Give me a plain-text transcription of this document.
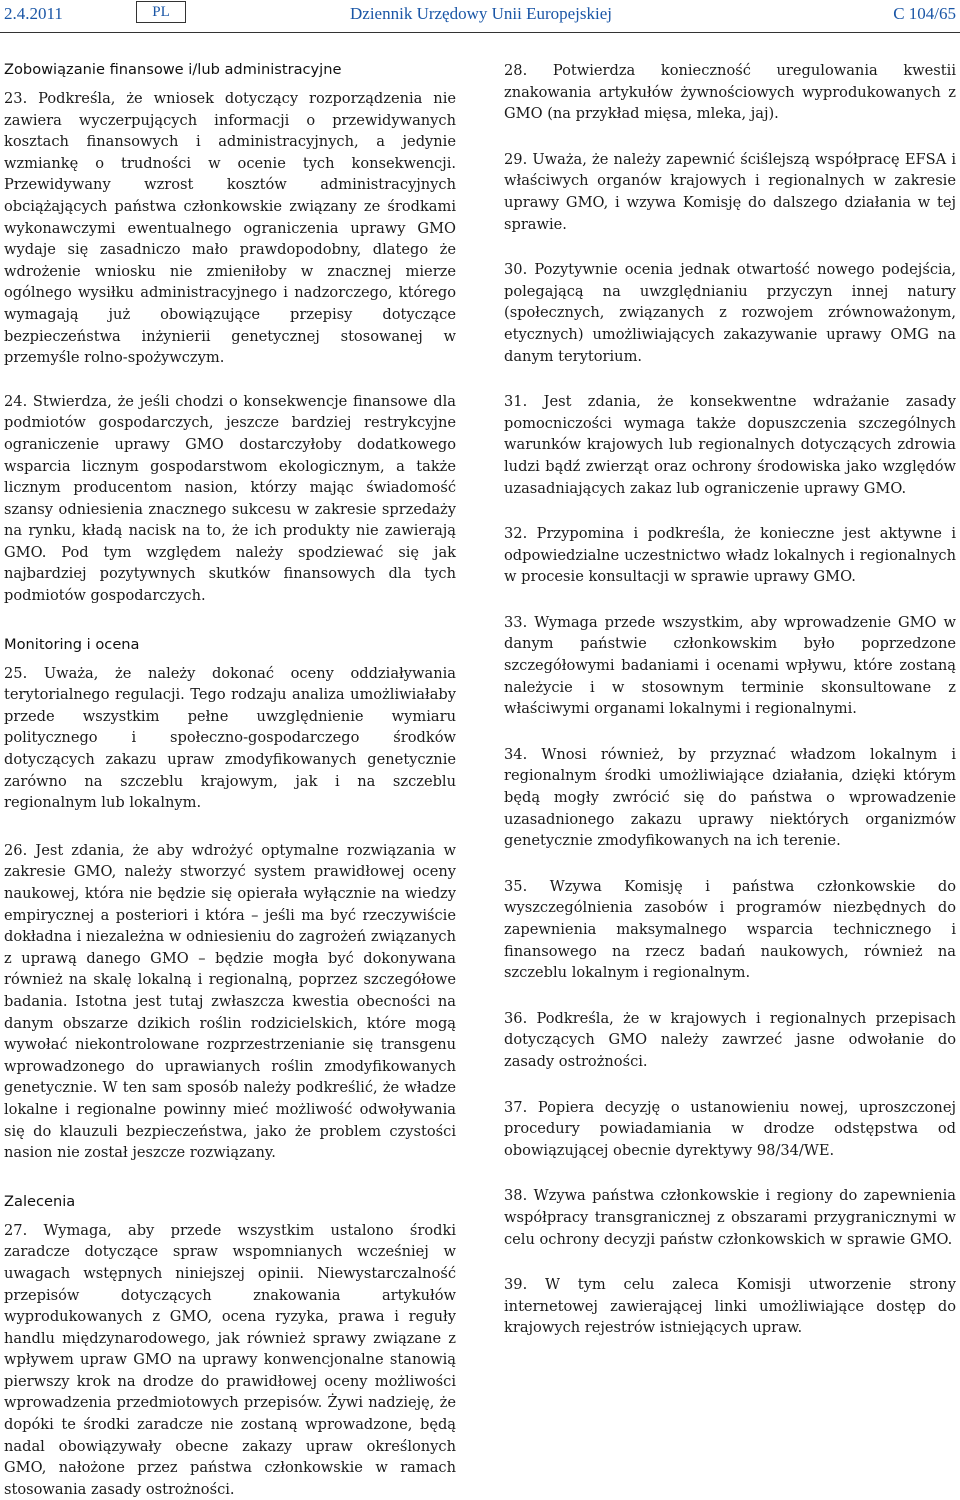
2.4.2011	PL	Dziennik Urzędowy Unii Europejskiej	C 104/65
Zobowiązanie finansowe i/lub administracyjne

23. Podkreśla, że wniosek dotyczący rozporządzenia nie zawiera wyczerpujących informacji o przewidywanych kosztach finansowych i administracyjnych, a jedynie wzmiankę o trudności w ocenie tych konsekwencji. Przewidywany wzrost kosztów administracyjnych obciążających państwa członkowskie związany ze środkami wykonawczymi ewentualnego ograniczenia uprawy GMO wydaje się zasadniczo mało prawdopodobny, dlatego że wdrożenie wniosku nie zmieniłoby w znacznej mierze ogólnego wysiłku administracyjnego i nadzorczego, którego wymagają już obowiązujące przepisy dotyczące bezpieczeństwa inżynierii genetycznej stosowanej w przemyśle rolno-spożywczym.

24. Stwierdza, że jeśli chodzi o konsekwencje finansowe dla podmiotów gospodarczych, jeszcze bardziej restrykcyjne ograniczenie uprawy GMO dostarczyłoby dodatkowego wsparcia licznym gospodarstwom ekologicznym, a także licznym producentom nasion, którzy mając świadomość szansy odniesienia znacznego sukcesu w zakresie sprzedaży na rynku, kładą nacisk na to, że ich produkty nie zawierają GMO. Pod tym względem należy spodziewać się jak najbardziej pozytywnych skutków finansowych dla tych podmiotów gospodarczych.

Monitoring i ocena

25. Uważa, że należy dokonać oceny oddziaływania terytorialnego regulacji. Tego rodzaju analiza umożliwiałaby przede wszystkim pełne uwzględnienie wymiaru politycznego i społeczno-gospodarczego środków dotyczących zakazu upraw zmodyfikowanych genetycznie zarówno na szczeblu krajowym, jak i na szczeblu regionalnym lub lokalnym.

26. Jest zdania, że aby wdrożyć optymalne rozwiązania w zakresie GMO, należy stworzyć system prawidłowej oceny naukowej, która nie będzie się opierała wyłącznie na wiedzy empirycznej a posteriori i która – jeśli ma być rzeczywiście dokładna i niezależna w odniesieniu do zagrożeń związanych z uprawą danego GMO – będzie mogła być dokonywana również na skalę lokalną i regionalną, poprzez szczegółowe badania. Istotna jest tutaj zwłaszcza kwestia obecności na danym obszarze dzikich roślin rodzicielskich, które mogą wywołać niekontrolowane rozprzestrzenianie się transgenu wprowadzonego do uprawianych roślin zmodyfikowanych genetycznie. W ten sam sposób należy podkreślić, że władze lokalne i regionalne powinny mieć możliwość odwoływania się do klauzuli bezpieczeństwa, jako że problem czystości nasion nie został jeszcze rozwiązany.

Zalecenia

27. Wymaga, aby przede wszystkim ustalono środki zaradcze dotyczące spraw wspomnianych wcześniej w uwagach wstępnych niniejszej opinii. Niewystarczalność przepisów dotyczących znakowania artykułów wyprodukowanych z GMO, ocena ryzyka, prawa i reguły handlu międzynarodowego, jak również sprawy związane z wpływem upraw GMO na uprawy konwencjonalne stanowią pierwszy krok na drodze do prawidłowej oceny możliwości wprowadzenia przedmiotowych przepisów. Żywi nadzieję, że dopóki te środki zaradcze nie zostaną wprowadzone, będą nadal obowiązywały obecne zakazy upraw określonych GMO, nałożone przez państwa członkowskie w ramach stosowania zasady ostrożności.

28. Potwierdza konieczność uregulowania kwestii znakowania artykułów żywnościowych wyprodukowanych z GMO (na przykład mięsa, mleka, jaj).

29. Uważa, że należy zapewnić ściślejszą współpracę EFSA i właściwych organów krajowych i regionalnych w zakresie uprawy GMO, i wzywa Komisję do dalszego działania w tej sprawie.

30. Pozytywnie ocenia jednak otwartość nowego podejścia, polegającą na uwzględnianiu przyczyn innej natury (społecznych, związanych z rozwojem zrównoważonym, etycznych) umożliwiających zakazywanie uprawy OMG na danym terytorium.

31. Jest zdania, że konsekwentne wdrażanie zasady pomocniczości wymaga także dopuszczenia szczególnych warunków krajowych lub regionalnych dotyczących zdrowia ludzi bądź zwierząt oraz ochrony środowiska jako względów uzasadniających zakaz lub ograniczenie uprawy GMO.

32. Przypomina i podkreśla, że konieczne jest aktywne i odpowiedzialne uczestnictwo władz lokalnych i regionalnych w procesie konsultacji w sprawie uprawy GMO.

33. Wymaga przede wszystkim, aby wprowadzenie GMO w danym państwie członkowskim było poprzedzone szczegółowymi badaniami i ocenami wpływu, które zostaną należycie i w stosownym terminie skonsultowane z właściwymi organami lokalnymi i regionalnymi.

34. Wnosi również, by przyznać władzom lokalnym i regionalnym środki umożliwiające działania, dzięki którym będą mogły zwrócić się do państwa o wprowadzenie uzasadnionego zakazu uprawy niektórych organizmów genetycznie zmodyfikowanych na ich terenie.

35. Wzywa Komisję i państwa członkowskie do wyszczególnienia zasobów i programów niezbędnych do zapewnienia maksymalnego wsparcia technicznego i finansowego na rzecz badań naukowych, również na szczeblu lokalnym i regionalnym.

36. Podkreśla, że w krajowych i regionalnych przepisach dotyczących GMO należy zawrzeć jasne odwołanie do zasady ostrożności.

37. Popiera decyzję o ustanowieniu nowej, uproszczonej procedury powiadamiania w drodze odstępstwa od obowiązującej obecnie dyrektywy 98/34/WE.

38. Wzywa państwa członkowskie i regiony do zapewnienia współpracy transgranicznej z obszarami przygranicznymi w celu ochrony decyzji państw członkowskich w sprawie GMO.

39. W tym celu zaleca Komisji utworzenie strony internetowej zawierającej linki umożliwiające dostęp do krajowych rejestrów istniejących upraw.
